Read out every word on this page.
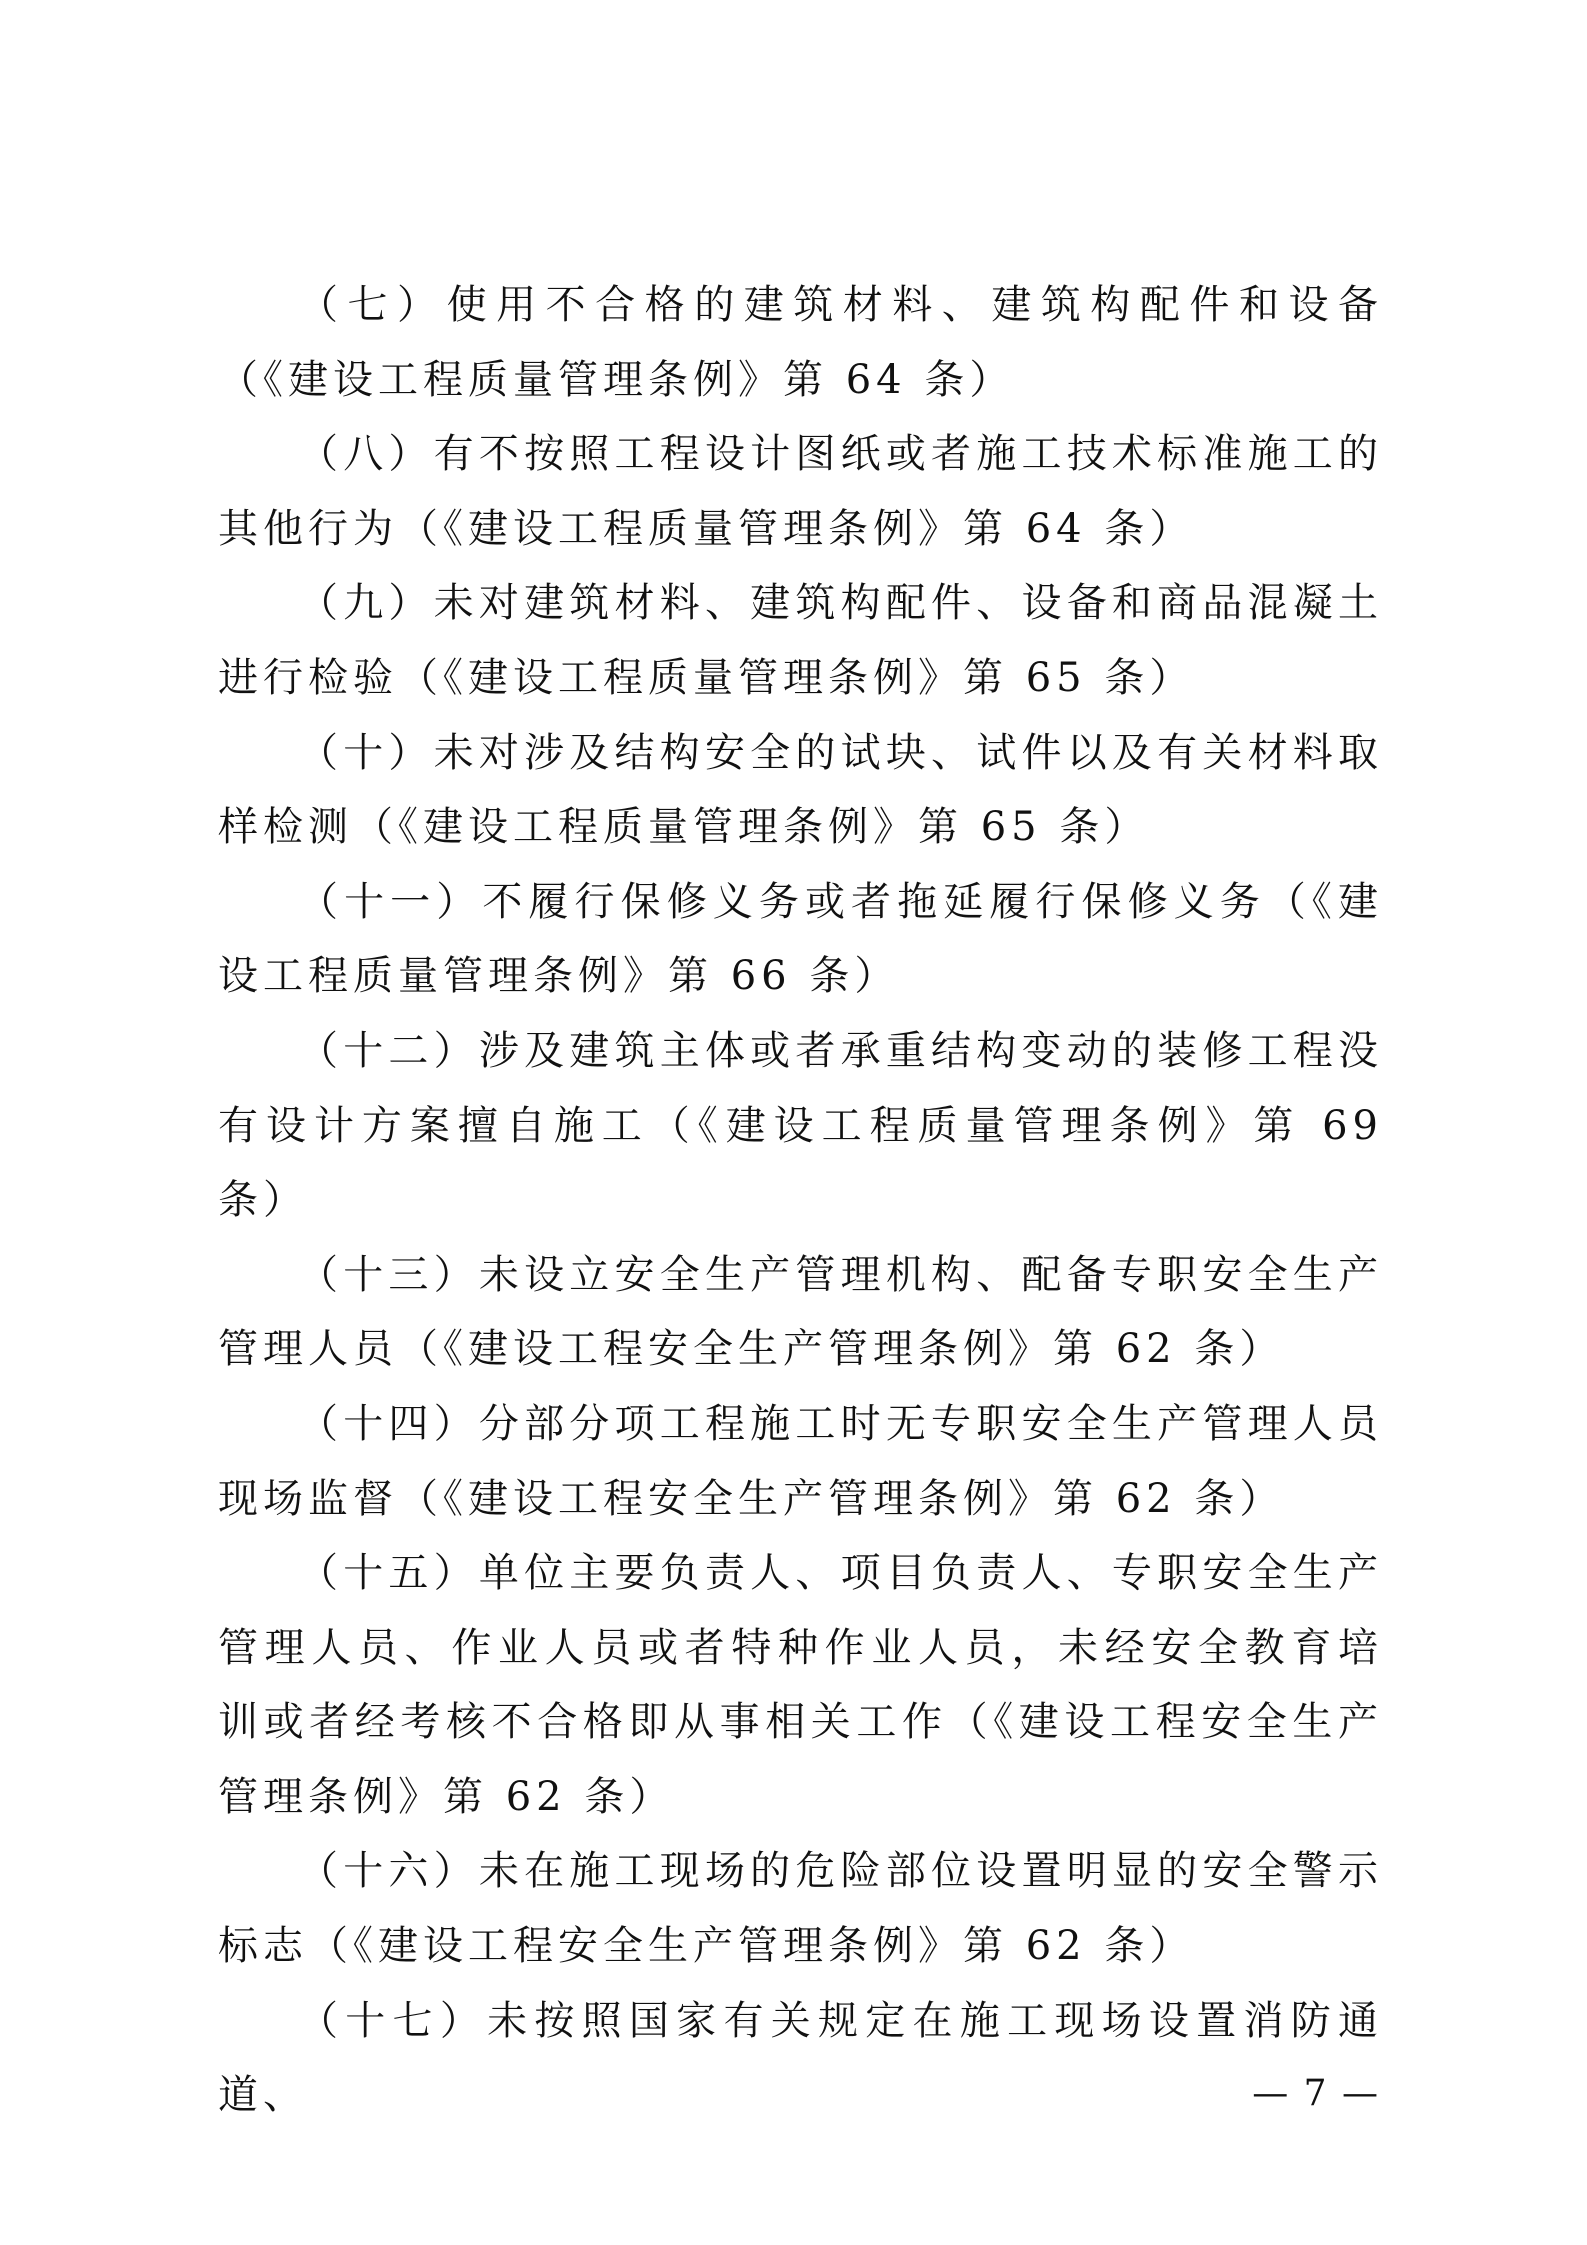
（七）使用不合格的建筑材料、建筑构配件和设备（《建设工程质量管理条例》第 64 条）

（八）有不按照工程设计图纸或者施工技术标准施工的其他行为（《建设工程质量管理条例》第 64 条）

（九）未对建筑材料、建筑构配件、设备和商品混凝土进行检验（《建设工程质量管理条例》第 65 条）

（十）未对涉及结构安全的试块、试件以及有关材料取样检测（《建设工程质量管理条例》第 65 条）

（十一）不履行保修义务或者拖延履行保修义务（《建设工程质量管理条例》第 66 条）

（十二）涉及建筑主体或者承重结构变动的装修工程没有设计方案擅自施工（《建设工程质量管理条例》第 69 条）

（十三）未设立安全生产管理机构、配备专职安全生产管理人员（《建设工程安全生产管理条例》第 62 条）

（十四）分部分项工程施工时无专职安全生产管理人员现场监督（《建设工程安全生产管理条例》第 62 条）

（十五）单位主要负责人、项目负责人、专职安全生产管理人员、作业人员或者特种作业人员，未经安全教育培训或者经考核不合格即从事相关工作（《建设工程安全生产管理条例》第 62 条）

（十六）未在施工现场的危险部位设置明显的安全警示标志（《建设工程安全生产管理条例》第 62 条）

（十七）未按照国家有关规定在施工现场设置消防通道、	— 7 —
